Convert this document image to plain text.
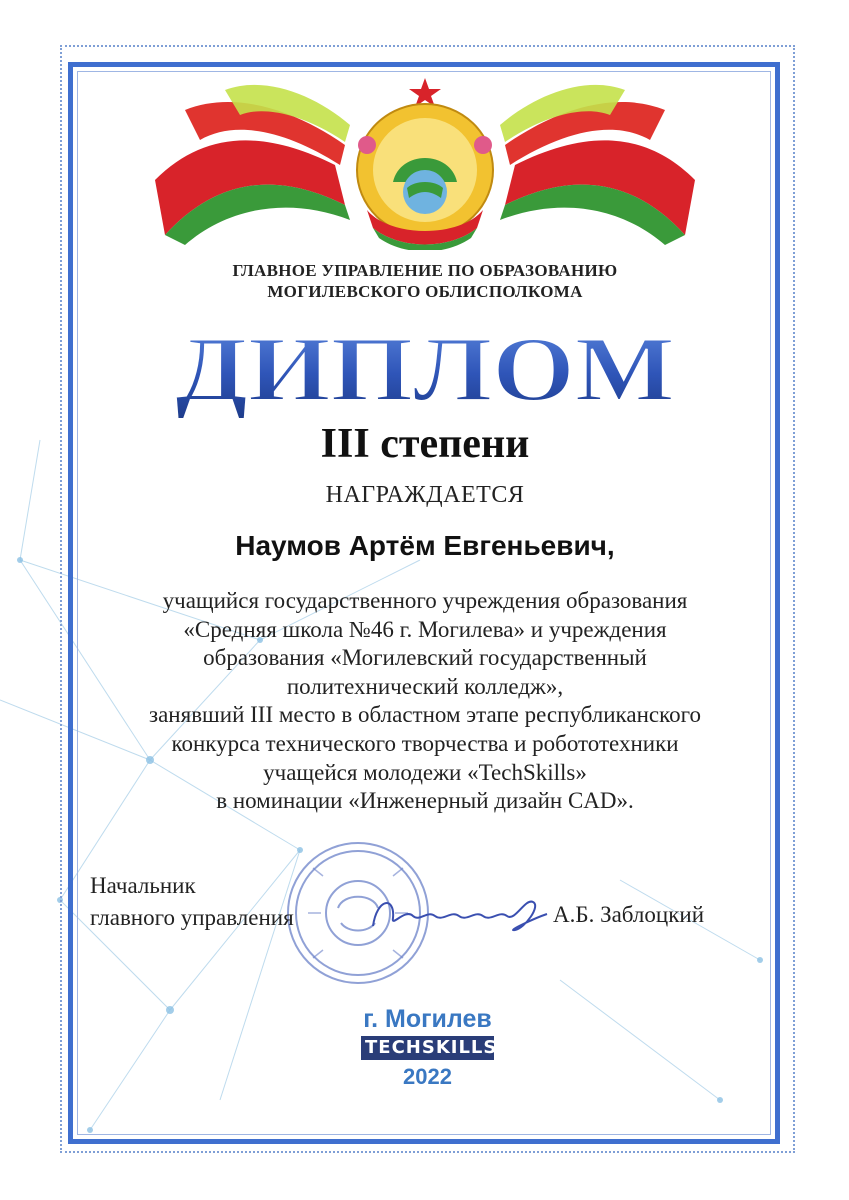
ГЛАВНОЕ УПРАВЛЕНИЕ ПО ОБРАЗОВАНИЮ
МОГИЛЕВСКОГО ОБЛИСПОЛКОМА
ДИПЛОМ
III степени
НАГРАЖДАЕТСЯ
Наумов Артём Евгеньевич,
учащийся государственного учреждения образования
«Средняя школа №46 г. Могилева» и учреждения
образования «Могилевский государственный
политехнический колледж»,
занявший III место в областном этапе республиканского
конкурса технического творчества и робототехники
учащейся молодежи «TechSkills»
в номинации «Инженерный дизайн CAD».
Начальник
главного управления	А.Б. Заблоцкий
г. Могилев
TECHSKILLS
2022
